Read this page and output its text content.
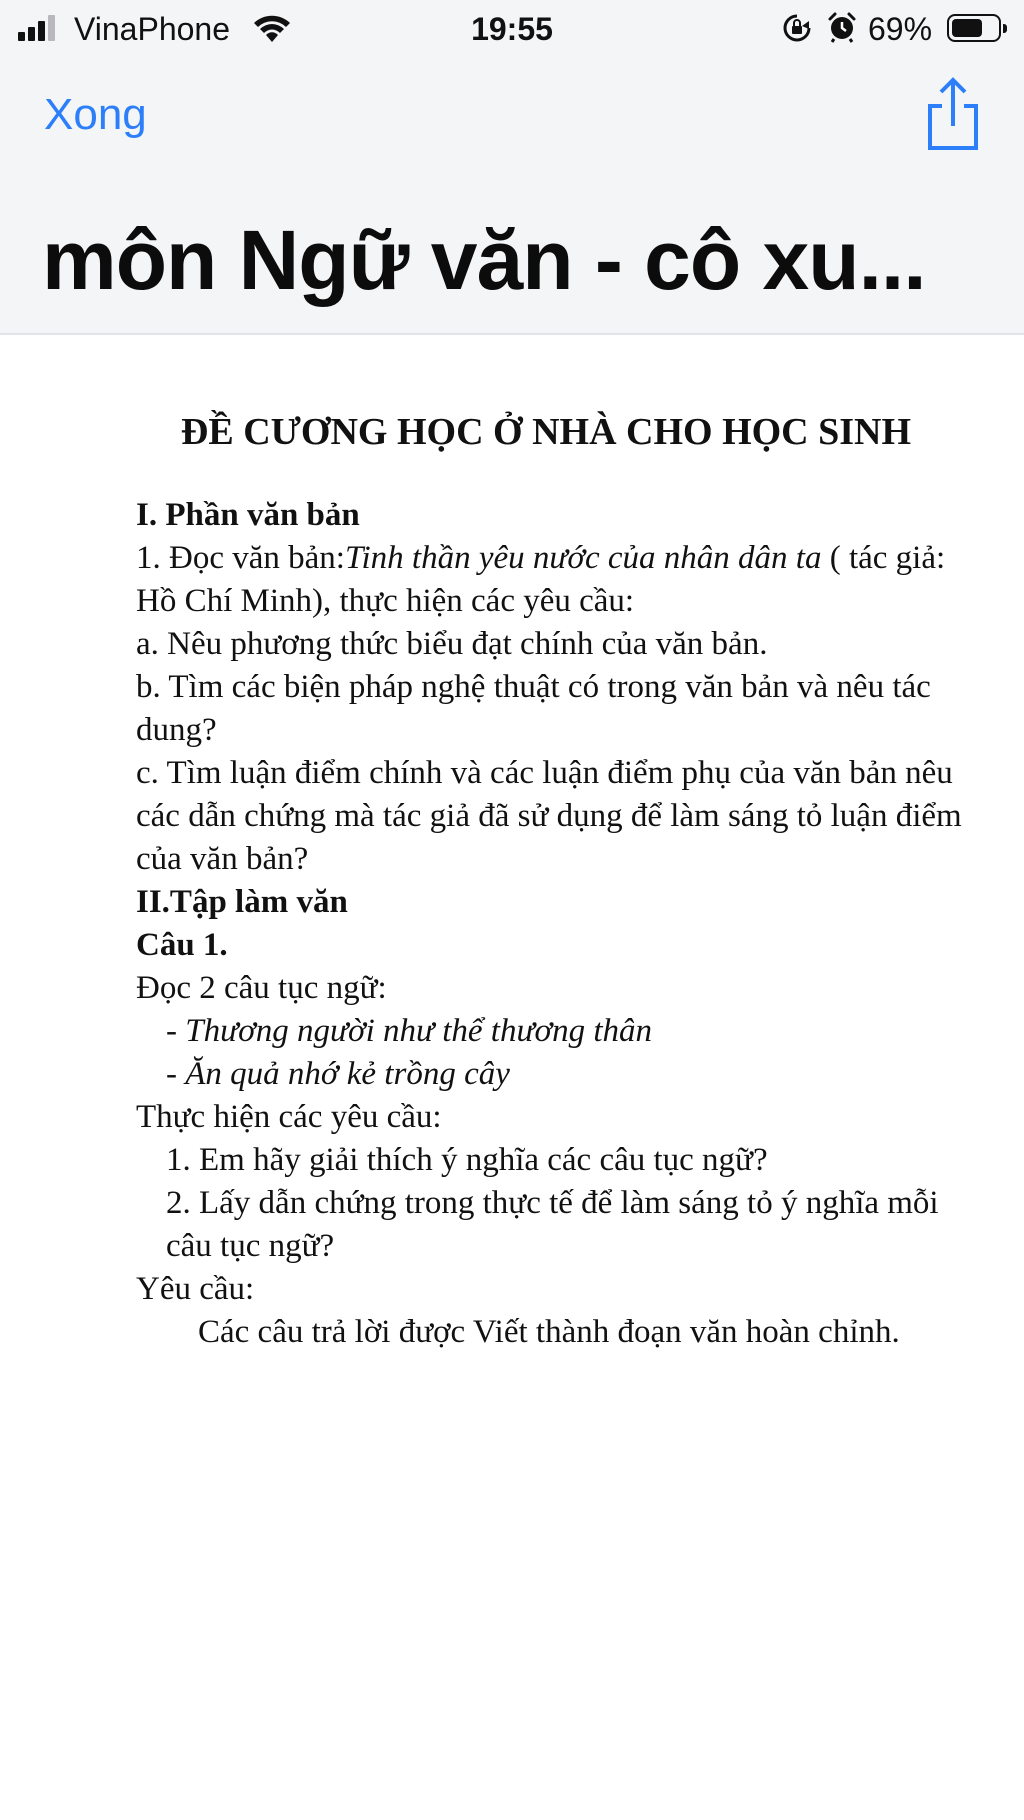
VinaPhone	19:55	69%
Xong
môn Ngữ văn - cô xu...
ĐỀ CƯƠNG HỌC Ở NHÀ CHO HỌC SINH

I. Phần văn bản

1. Đọc văn bản:Tinh thần yêu nước của nhân dân ta ( tác giả: Hồ Chí Minh), thực hiện các yêu cầu:

a. Nêu phương thức biểu đạt chính của văn bản.

b. Tìm các biện pháp nghệ thuật có trong văn bản và nêu tác dung?

c. Tìm luận điểm chính và các luận điểm phụ của văn bản nêu các dẫn chứng mà tác giả đã sử dụng để làm sáng tỏ luận điểm của văn bản?

II.Tập làm văn

Câu 1.

Đọc 2 câu tục ngữ:

- Thương người như thể thương thân

- Ăn quả nhớ kẻ trồng cây

Thực hiện các yêu cầu:

1. Em hãy giải thích ý nghĩa các câu tục ngữ?

2. Lấy dẫn chứng trong thực tế để làm sáng tỏ ý nghĩa mỗi câu tục ngữ?

Yêu cầu:

Các câu trả lời được Viết thành đoạn văn hoàn chỉnh.
